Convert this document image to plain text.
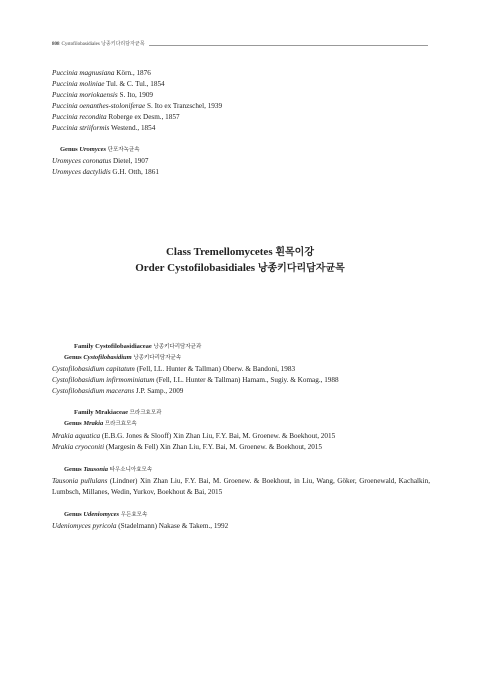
808 Cystofilobasidiales 낭종키다리담자균목
Puccinia magnusiana Körn., 1876
Puccinia moliniae Tul. & C. Tul., 1854
Puccinia moriokaensis S. Ito, 1909
Puccinia oenanthes-stoloniferae S. Ito ex Tranzschel, 1939
Puccinia recondita Roberge ex Desm., 1857
Puccinia striiformis Westend., 1854
Genus Uromyces 단포자녹균속
Uromyces coronatus Dietel, 1907
Uromyces dactylidis G.H. Otth, 1861
Class Tremellomycetes 흰목이강
Order Cystofilobasidiales 낭종키다리담자균목
Family Cystofilobasidiaceae 낭종키다리담자균과
Genus Cystofilobasidium 낭종키다리담자균속
Cystofilobasidium capitatum (Fell, I.L. Hunter & Tallman) Oberw. & Bandoni, 1983
Cystofilobasidium infirmominiatum (Fell, I.L. Hunter & Tallman) Hamam., Sugiy. & Komag., 1988
Cystofilobasidium macerans J.P. Samp., 2009
Family Mrakiaceae 므라크효모과
Genus Mrakia 므라크효모속
Mrakia aquatica (E.B.G. Jones & Slooff) Xin Zhan Liu, F.Y. Bai, M. Groenew. & Boekhout, 2015
Mrakia cryoconiti (Margesin & Fell) Xin Zhan Liu, F.Y. Bai, M. Groenew. & Boekhout, 2015
Genus Tausonia 타우소니아효모속
Tausonia pullulans (Lindner) Xin Zhan Liu, F.Y. Bai, M. Groenew. & Boekhout, in Liu, Wang, Göker, Groenewald, Kachalkin, Lumbsch, Millanes, Wedin, Yurkov, Boekhout & Bai, 2015
Genus Udeniomyces 우든효모속
Udeniomyces pyricola (Stadelmann) Nakase & Takem., 1992
